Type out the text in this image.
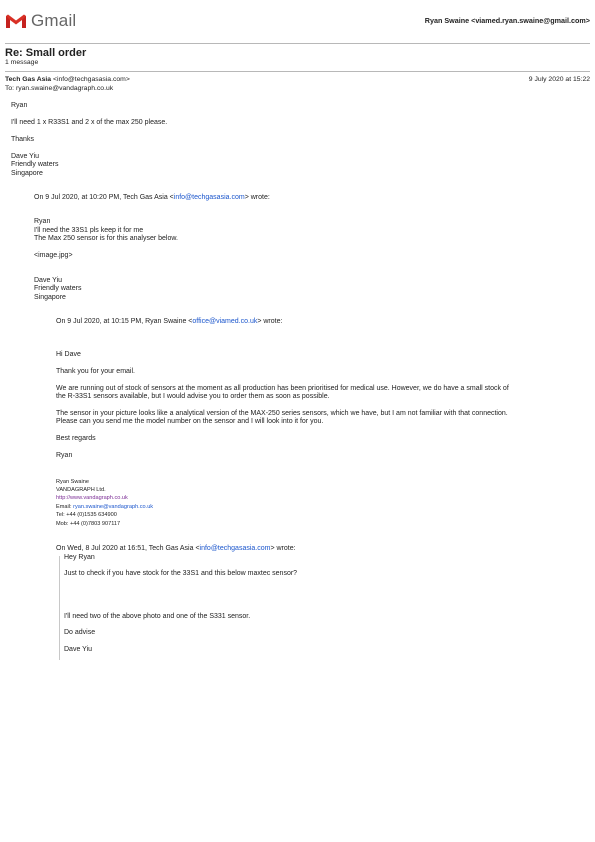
Gmail	Ryan Swaine <viamed.ryan.swaine@gmail.com>
Re: Small order
1 message
Tech Gas Asia <info@techgasasia.com>
To: ryan.swaine@vandagraph.co.uk
9 July 2020 at 15:22
Ryan
I'll need 1 x R33S1 and 2 x of the max 250 please.
Thanks
Dave Yiu
Friendly waters
Singapore
On 9 Jul 2020, at 10:20 PM, Tech Gas Asia <info@techgasasia.com> wrote:
Ryan
I'll need the 33S1 pls keep it for me
The Max 250 sensor is for this analyser below.
<image.jpg>
Dave Yiu
Friendly waters
Singapore
On 9 Jul 2020, at 10:15 PM, Ryan Swaine <office@viamed.co.uk> wrote:
Hi Dave
Thank you for your email.
We are running out of stock of sensors at the moment as all production has been prioritised for medical use. However, we do have a small stock of
the R-33S1 sensors available, but I would advise you to order them as soon as possible.
The sensor in your picture looks like a analytical version of the MAX-250 series sensors, which we have, but I am not familiar with that connection.
Please can you send me the model number on the sensor and I will look into it for you.
Best regards
Ryan
Ryan Swaine
VANDAGRAPH Ltd.
http://www.vandagraph.co.uk
Email: ryan.swaine@vandagraph.co.uk
Tel: +44 (0)1535 634900
Mob: +44 (0)7803 907117
On Wed, 8 Jul 2020 at 16:51, Tech Gas Asia <info@techgasasia.com> wrote:
Hey Ryan
Just to check if you have stock for the 33S1 and this below maxtec sensor?
I'll need two of the above photo and one of the S331 sensor.
Do advise
Dave Yiu
